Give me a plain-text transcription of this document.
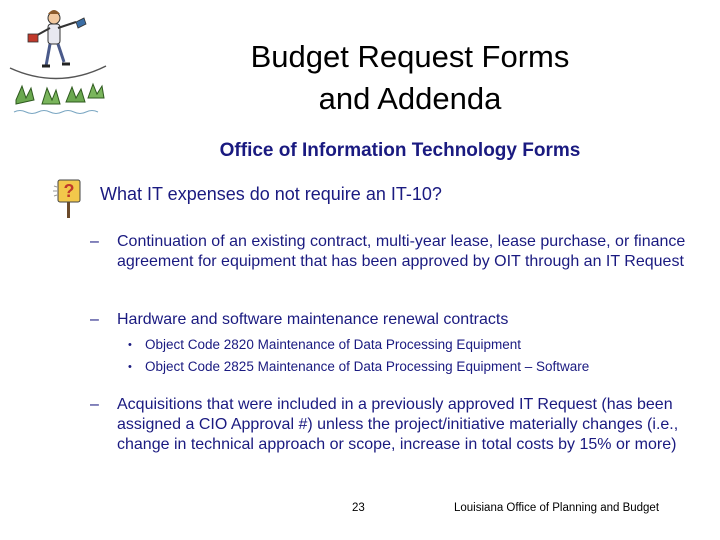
Budget Request Forms
and Addenda
Office of Information Technology Forms
? What IT expenses do not require an IT-10?
– Continuation of an existing contract, multi-year lease, lease purchase, or finance agreement for equipment that has been approved by OIT through an IT Request
– Hardware and software maintenance renewal contracts
• Object Code 2820 Maintenance of Data Processing Equipment
• Object Code 2825 Maintenance of Data Processing Equipment – Software
– Acquisitions that were included in a previously approved IT Request (has been assigned a CIO Approval #) unless the project/initiative materially changes (i.e., change in technical approach or scope, increase in total costs by 15% or more)
23	Louisiana Office of Planning and Budget
